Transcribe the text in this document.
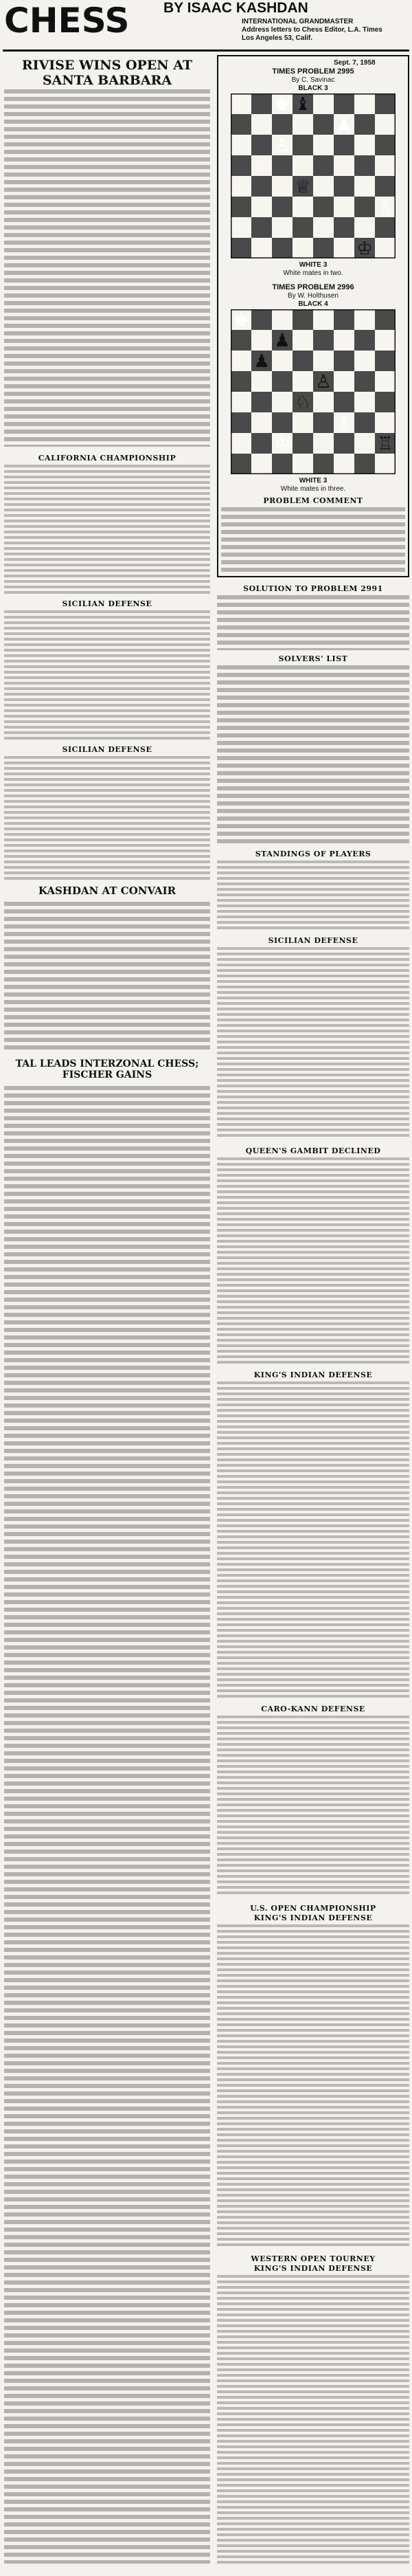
CHESS BY ISAAC KASHDAN
INTERNATIONAL GRANDMASTER
Address letters to Chess Editor, L.A. Times
Los Angeles 53, Calif.
RIVISE WINS OPEN AT SANTA BARBARA
CALIFORNIA CHAMPIONSHIP
SICILIAN DEFENSE
SICILIAN DEFENSE
KASHDAN AT CONVAIR
TAL LEADS INTERZONAL CHESS; FISCHER GAINS
Sept. 7, 1958
TIMES PROBLEM 2995
By C. Savinac
BLACK 3
♚ ♝
♟
♙
♘
♕
♗
♔
WHITE 3
White mates in two.
TIMES PROBLEM 2996
By W. Holthusen
BLACK 4
♚
♟
♟
♙
♘
♗
♔	♖
WHITE 3
White mates in three.
PROBLEM COMMENT
SOLUTION TO PROBLEM 2991
SOLVERS' LIST
STANDINGS OF PLAYERS
SICILIAN DEFENSE
QUEEN'S GAMBIT DECLINED
KING'S INDIAN DEFENSE
CARO-KANN DEFENSE
U.S. OPEN CHAMPIONSHIP
KING'S INDIAN DEFENSE
WESTERN OPEN TOURNEY
KING'S INDIAN DEFENSE
